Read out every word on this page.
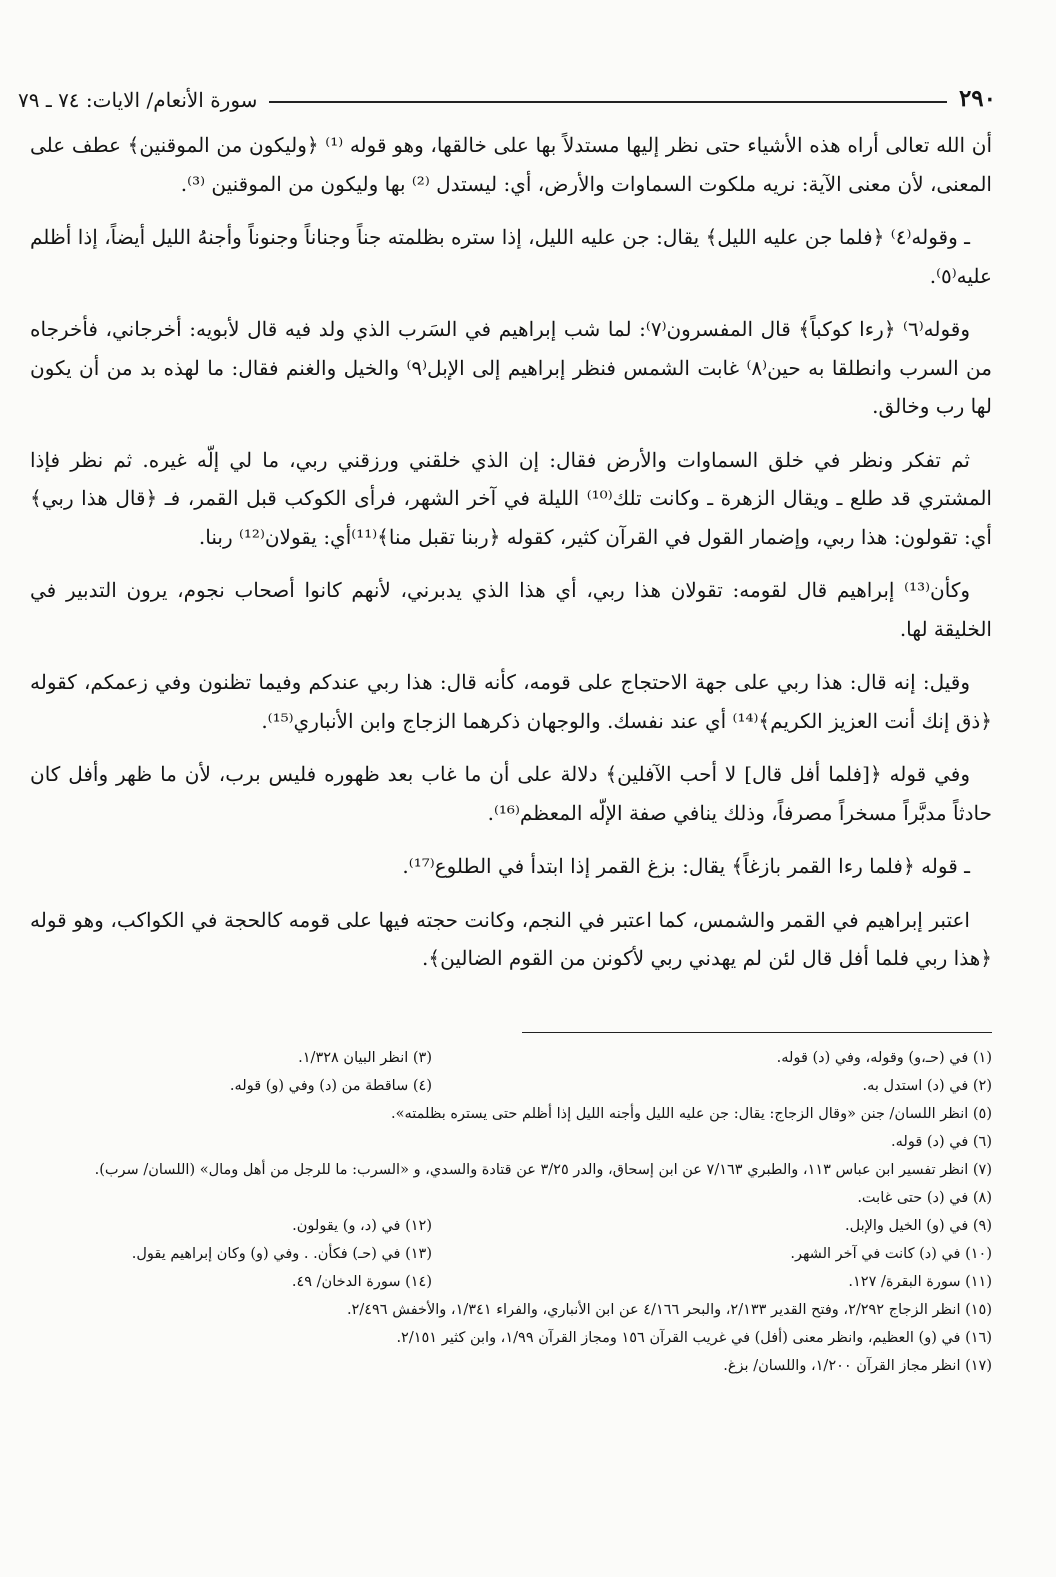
٢٩٠
سورة الأنعام/ الايات: ٧٤ ـ ٧٩

أن الله تعالى أراه هذه الأشياء حتى نظر إليها مستدلاً بها على خالقها، وهو قوله ⁽¹⁾ ﴿وليكون من الموقنين﴾ عطف على المعنى، لأن معنى الآية: نريه ملكوت السماوات والأرض، أي: ليستدل ⁽²⁾ بها وليكون من الموقنين ⁽³⁾.

ـ وقوله⁽٤⁾ ﴿فلما جن عليه الليل﴾ يقال: جن عليه الليل، إذا ستره بظلمته جناً وجناناً وجنوناً وأجنهُ الليل أيضاً، إذا أظلم عليه⁽٥⁾.

وقوله⁽٦⁾ ﴿رءا كوكباً﴾ قال المفسرون⁽٧⁾: لما شب إبراهيم في السَرب الذي ولد فيه قال لأبويه: أخرجاني، فأخرجاه من السرب وانطلقا به حين⁽٨⁾ غابت الشمس فنظر إبراهيم إلى الإبل⁽٩⁾ والخيل والغنم فقال: ما لهذه بد من أن يكون لها رب وخالق.

ثم تفكر ونظر في خلق السماوات والأرض فقال: إن الذي خلقني ورزقني ربي، ما لي إلّه غيره. ثم نظر فإذا المشتري قد طلع ـ ويقال الزهرة ـ وكانت تلك⁽¹⁰⁾ الليلة في آخر الشهر، فرأى الكوكب قبل القمر، فـ ﴿قال هذا ربي﴾ أي: تقولون: هذا ربي، وإضمار القول في القرآن كثير، كقوله ﴿ربنا تقبل منا﴾⁽¹¹⁾أي: يقولان⁽¹²⁾ ربنا.

وكأن⁽¹³⁾ إبراهيم قال لقومه: تقولان هذا ربي، أي هذا الذي يدبرني، لأنهم كانوا أصحاب نجوم، يرون التدبير في الخليقة لها.

وقيل: إنه قال: هذا ربي على جهة الاحتجاج على قومه، كأنه قال: هذا ربي عندكم وفيما تظنون وفي زعمكم، كقوله ﴿ذق إنك أنت العزيز الكريم﴾⁽¹⁴⁾ أي عند نفسك. والوجهان ذكرهما الزجاج وابن الأنباري⁽¹⁵⁾.

وفي قوله ﴿[فلما أفل قال] لا أحب الآفلين﴾ دلالة على أن ما غاب بعد ظهوره فليس برب، لأن ما ظهر وأفل كان حادثاً مدبَّراً مسخراً مصرفاً، وذلك ينافي صفة الإلّه المعظم⁽¹⁶⁾.

ـ قوله ﴿فلما رءا القمر بازغاً﴾ يقال: بزغ القمر إذا ابتدأ في الطلوع⁽¹⁷⁾.

اعتبر إبراهيم في القمر والشمس، كما اعتبر في النجم، وكانت حجته فيها على قومه كالحجة في الكواكب، وهو قوله ﴿هذا ربي فلما أفل قال لئن لم يهدني ربي لأكونن من القوم الضالين﴾.

(١) في (حـ،و) وقوله، وفي (د) قوله.
(٣) انظر البيان ١/٣٢٨.
(٢) في (د) استدل به.
(٤) ساقطة من (د) وفي (و) قوله.
(٥) انظر اللسان/ جنن «وقال الزجاج: يقال: جن عليه الليل وأجنه الليل إذا أظلم حتى يستره بظلمته».
(٦) في (د) قوله.
(٧) انظر تفسير ابن عباس ١١٣، والطبري ٧/١٦٣ عن ابن إسحاق، والدر ٣/٢٥ عن قتادة والسدي، و «السرب: ما للرجل من أهل ومال» (اللسان/ سرب).
(٨) في (د) حتى غابت.
(٩) في (و) الخيل والإبل.
(١٢) في (د، و) يقولون.
(١٠) في (د) كانت في آخر الشهر.
(١٣) في (حـ) فكأن. . وفي (و) وكان إبراهيم يقول.
(١١) سورة البقرة/ ١٢٧.
(١٤) سورة الدخان/ ٤٩.
(١٥) انظر الزجاج ٢/٢٩٢، وفتح القدير ٢/١٣٣، والبحر ٤/١٦٦ عن ابن الأنباري، والفراء ١/٣٤١، والأخفش ٢/٤٩٦.
(١٦) في (و) العظيم، وانظر معنى (أفل) في غريب القرآن ١٥٦ ومجاز القرآن ١/٩٩، وابن كثير ٢/١٥١.
(١٧) انظر مجاز القرآن ١/٢٠٠، واللسان/ بزغ.
